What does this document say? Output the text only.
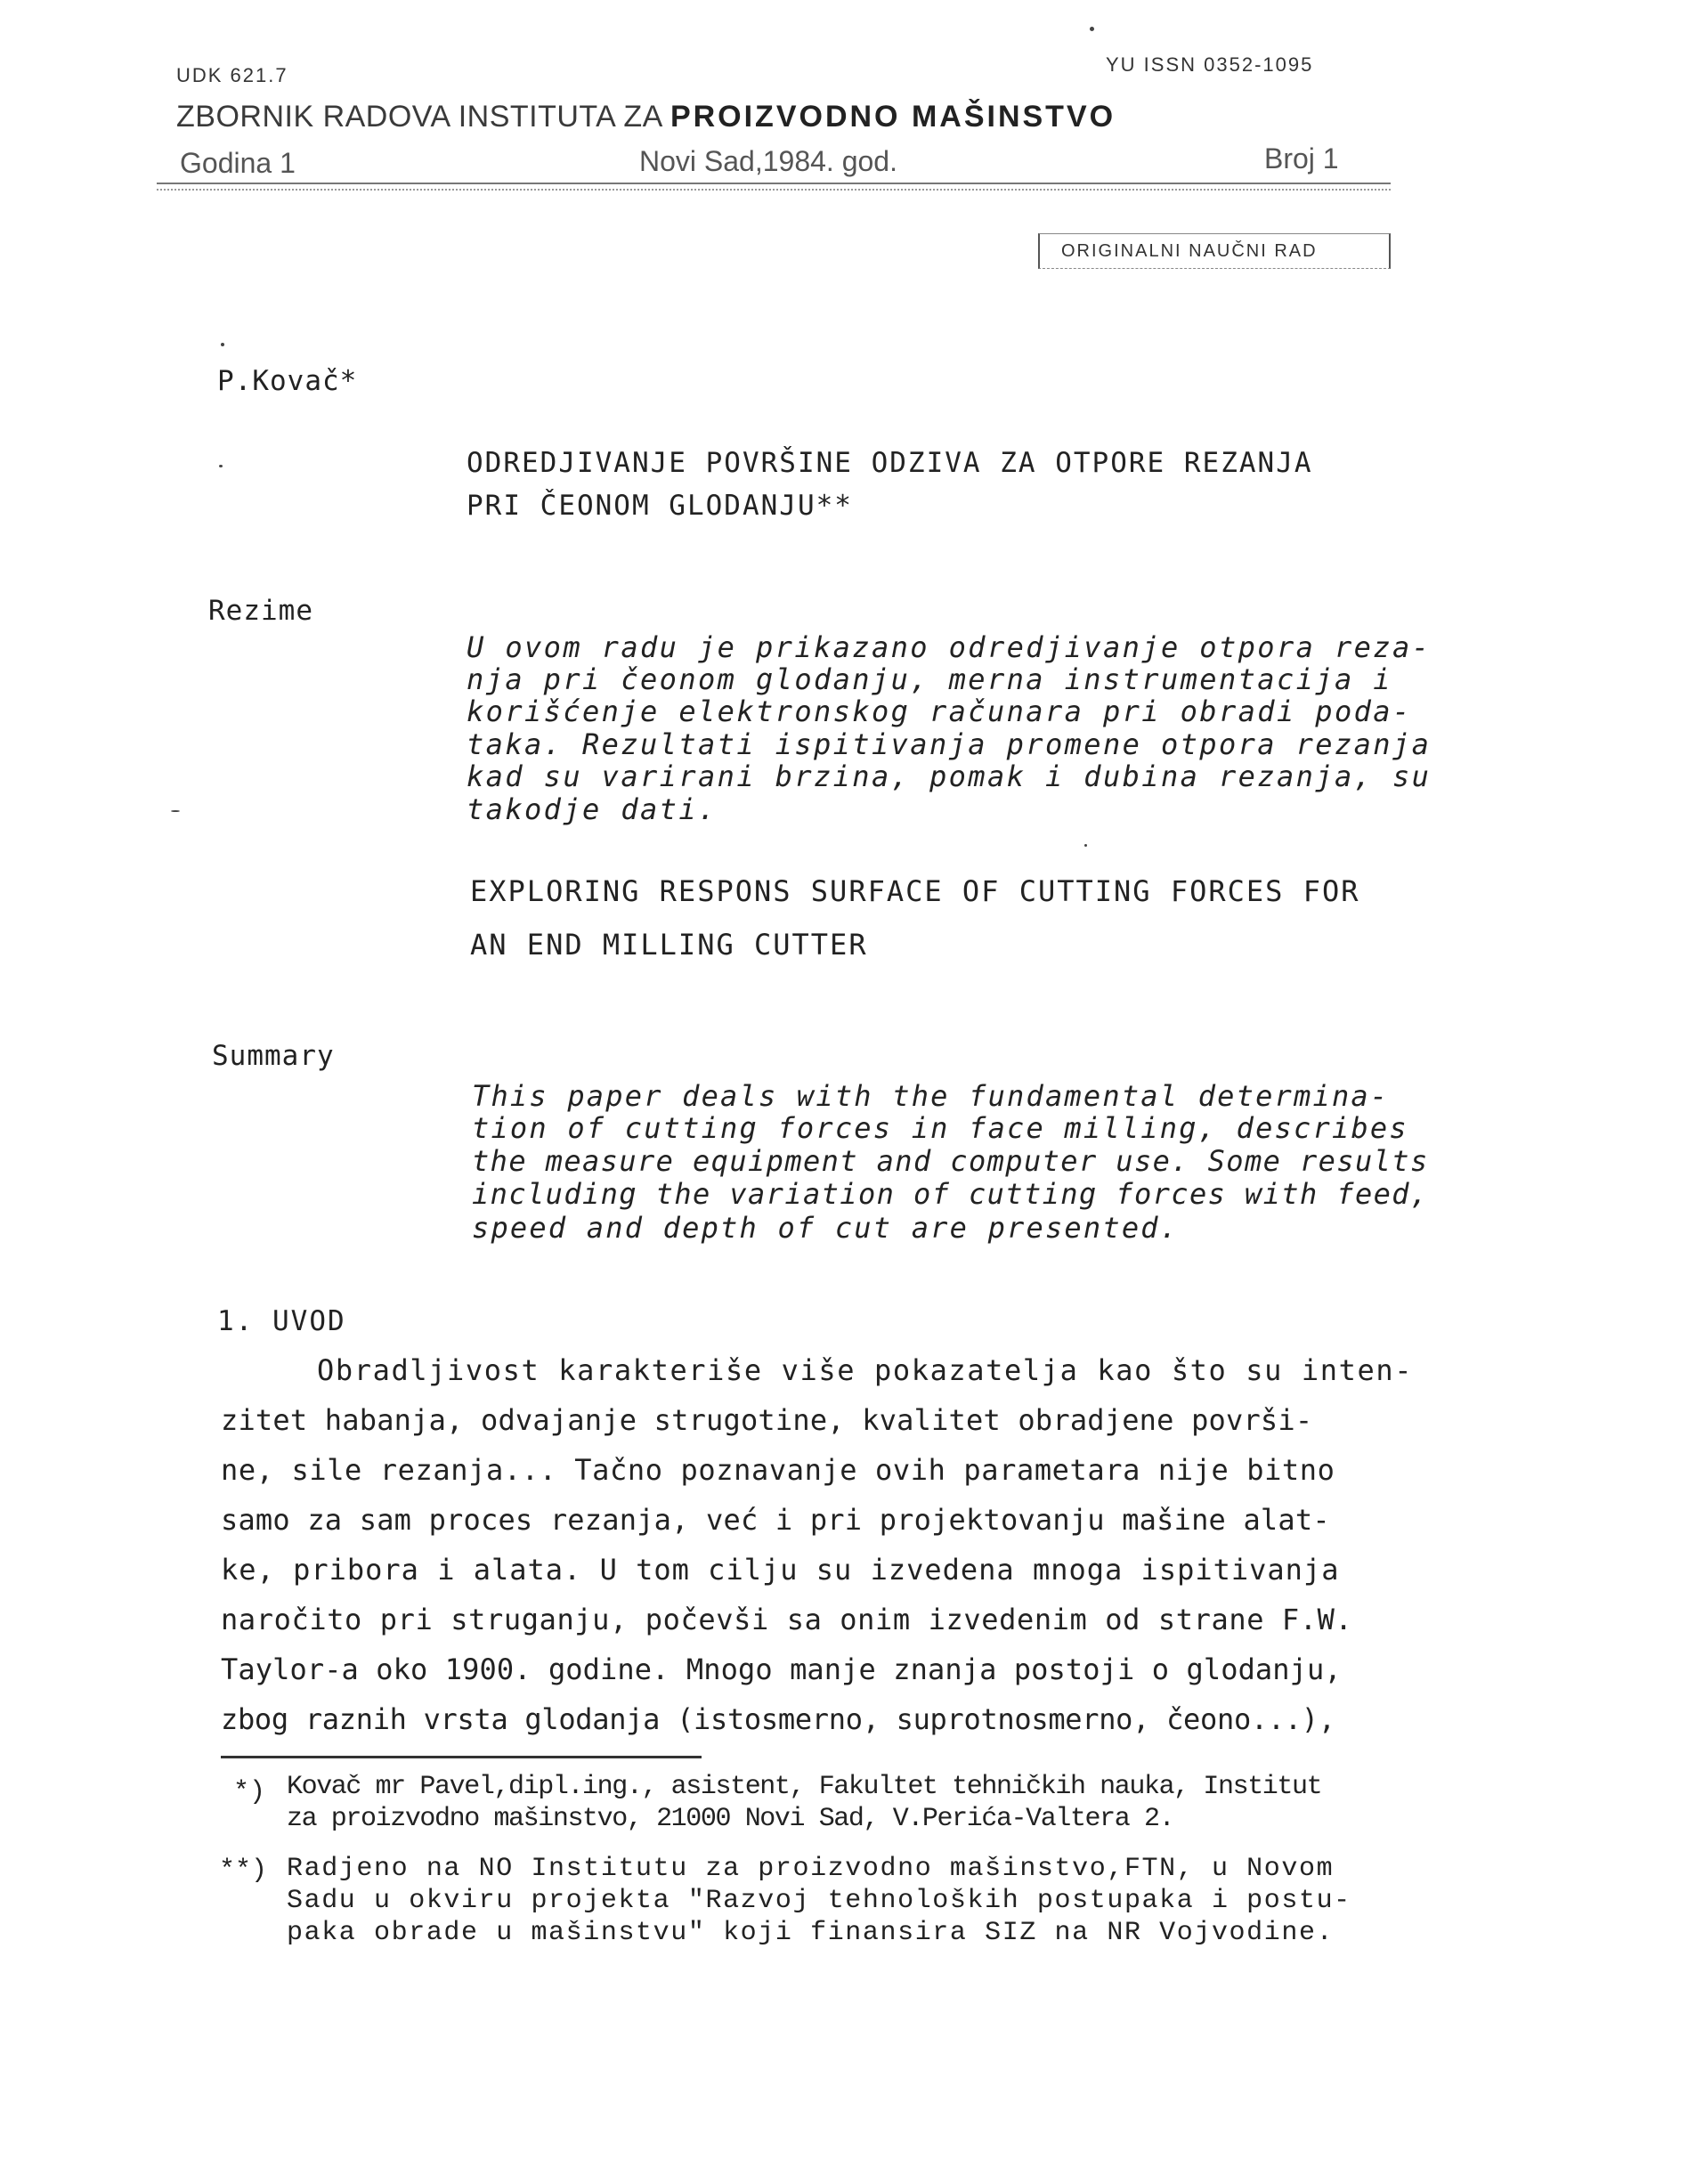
UDK 621.7	YU ISSN 0352-1095
ZBORNIK RADOVA INSTITUTA ZA PROIZVODNO MAŠINSTVO
Godina 1	Novi Sad,1984. god.	Broj 1
ORIGINALNI NAUČNI RAD
P.Kovač*
ODREDJIVANJE POVRŠINE ODZIVA ZA OTPORE REZANJA
PRI ČEONOM GLODANJU**
Rezime
U ovom radu je prikazano odredjivanje otpora reza-
nja pri čeonom glodanju, merna instrumentacija i
korišćenje elektronskog računara pri obradi poda-
taka. Rezultati ispitivanja promene otpora rezanja
kad su varirani brzina, pomak i dubina rezanja, su
takodje dati.
EXPLORING RESPONS SURFACE OF CUTTING FORCES FOR
AN END MILLING CUTTER
Summary
This paper deals with the fundamental determina-
tion of cutting forces in face milling, describes
the measure equipment and computer use. Some results
including the variation of cutting forces with feed,
speed and depth of cut are presented.
1. UVOD
Obradljivost karakteriše više pokazatelja kao što su inten-
zitet habanja, odvajanje strugotine, kvalitet obradjene površi-
ne, sile rezanja... Tačno poznavanje ovih parametara nije bitno
samo za sam proces rezanja, već i pri projektovanju mašine alat-
ke, pribora i alata. U tom cilju su izvedena mnoga ispitivanja
naročito pri struganju, počevši sa onim izvedenim od strane F.W.
Taylor-a oko 1900. godine. Mnogo manje znanja postoji o glodanju,
zbog raznih vrsta glodanja (istosmerno, suprotnosmerno, čeono...),
*) Kovač mr Pavel,dipl.ing., asistent, Fakultet tehničkih nauka, Institut
za proizvodno mašinstvo, 21000 Novi Sad, V.Perića-Valtera 2.
**) Radjeno na NO Institutu za proizvodno mašinstvo,FTN, u Novom
Sadu u okviru projekta "Razvoj tehnoloških postupaka i postu-
paka obrade u mašinstvu" koji finansira SIZ na NR Vojvodine.
